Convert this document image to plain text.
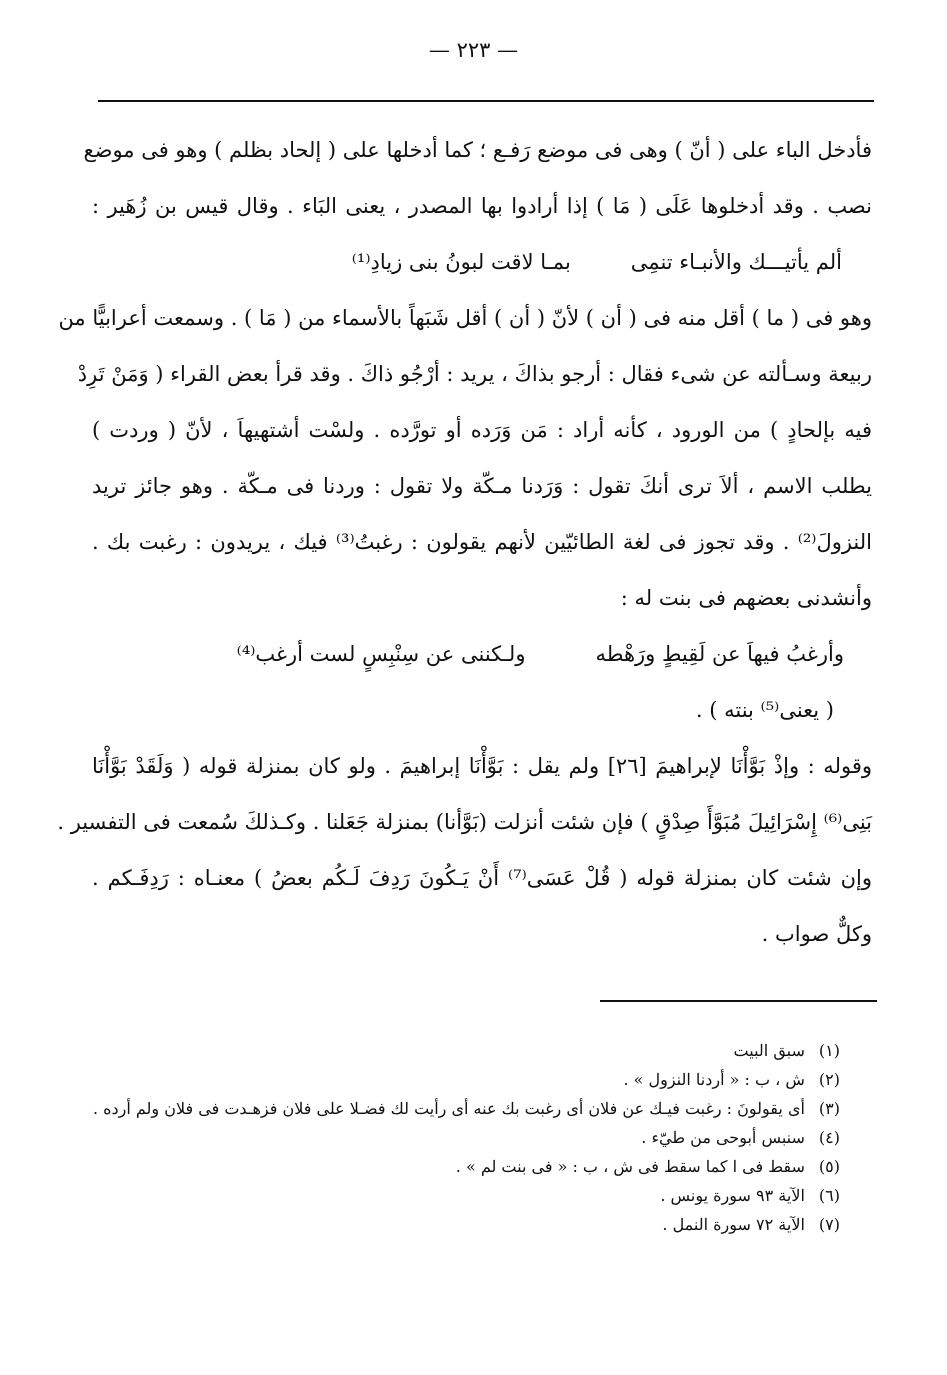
— ٢٢٣ —
فأدخل الباء على ( أنّ ) وهى فى موضع رَفـع ؛ كما أدخلها على ( إلحاد بظلم ) وهو فى موضع
نصب . وقد أدخلوها عَلَى ( مَا ) إذا أرادوا بها المصدر ، يعنى البَاء . وقال قيس بن زُهَير :
ألم يأتيـــك والأنبـاء تنمِى
بمـا لاقت لبونُ بنى زيادِ⁽¹⁾
وهو فى ( ما ) أقل منه فى ( أن ) لأنّ ( أن ) أقل شَبَهاً بالأسماء من ( مَا ) . وسمعت أعرابيًّا من
ربيعة وسـألته عن شىء فقال : أرجو بذاكَ ، يريد : أرْجُو ذاكَ . وقد قرأ بعض القراء ( وَمَنْ تَرِدْ
فيه بإلحادٍ ) من الورود ، كأنه أراد : مَن وَرَده أو تورَّده . ولسْت أشتهيهاَ ، لأنّ ( وردت )
يطلب الاسم ، ألاَ ترى أنكَ تقول : وَرَدنا مـكّة ولا تقول : وردنا فى مـكّة . وهو جائز تريد
النزولَ⁽²⁾ . وقد تجوز فى لغة الطائيّين لأنهم يقولون : رغبتُ⁽³⁾ فيك ، يريدون : رغبت بك .
وأنشدنى بعضهم فى بنت له :
وأرغبُ فيهاَ عن لَقِيطٍ ورَهْطه
ولـكننى عن سِنْبِسٍ لست أرغب⁽⁴⁾
( يعنى⁽⁵⁾ بنته ) .
وقوله : وإذْ بَوَّأْنَا لإبراهيمَ [٢٦] ولم يقل : بَوَّأْنَا إبراهيمَ . ولو كان بمنزلة قوله ( وَلَقَدْ بَوَّأْنَا
بَنِى⁽⁶⁾ إِسْرَائِيلَ مُبَوَّأَ صِدْقٍ ) فإن شئت أنزلت (بَوَّأنا) بمنزلة جَعَلنا . وكـذلكَ سُمعت فى التفسير .
وإن شئت كان بمنزلة قوله ( قُلْ عَسَى⁽⁷⁾ أَنْ يَـكُونَ رَدِفَ لَـكُم بعضُ ) معنـاه : رَدِفَـكم .
وكلٌّ صواب .
(١)سبق البيت
(٢)ش ، ب : « أردنا النزول » .
(٣)أى يقولونَ : رغبت فيـك عن فلان أى رغبت بك عنه أى رأيت لك فضـلا على فلان فزهـدت فى فلان ولم أرده .
(٤)سنبس أبوحى من طيّء .
(٥)سقط فى ا كما سقط فى ش ، ب : « فى بنت لم » .
(٦)الآية ٩٣ سورة يونس .
(٧)الآية ٧٢ سورة النمل .
